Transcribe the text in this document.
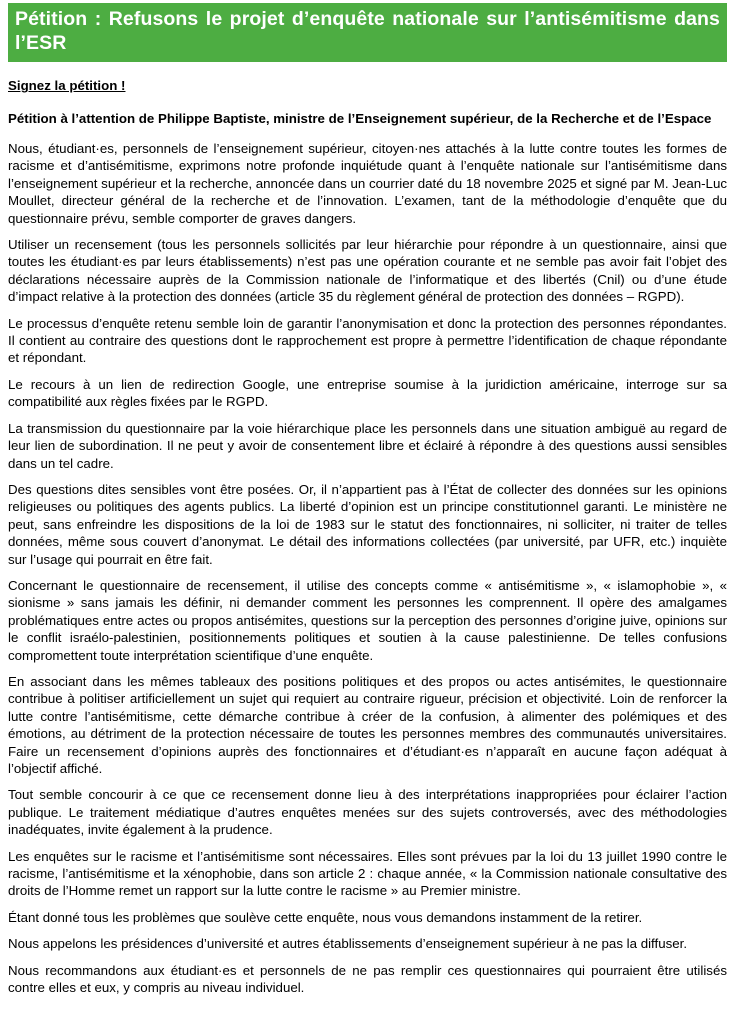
Pétition : Refusons le projet d’enquête nationale sur l’antisémitisme dans l’ESR
Signez la pétition !

Pétition à l’attention de Philippe Baptiste, ministre de l’Enseignement supérieur, de la Recherche et de l’Espace

Nous, étudiant·es, personnels de l’enseignement supérieur, citoyen·nes attachés à la lutte contre toutes les formes de racisme et d’antisémitisme, exprimons notre profonde inquiétude quant à l’enquête nationale sur l’antisémitisme dans l’enseignement supérieur et la recherche, annoncée dans un courrier daté du 18 novembre 2025 et signé par M. Jean-Luc Moullet, directeur général de la recherche et de l’innovation. L’examen, tant de la méthodologie d’enquête que du questionnaire prévu, semble comporter de graves dangers.

Utiliser un recensement (tous les personnels sollicités par leur hiérarchie pour répondre à un questionnaire, ainsi que toutes les étudiant·es par leurs établissements) n’est pas une opération courante et ne semble pas avoir fait l’objet des déclarations nécessaire auprès de la Commission nationale de l’informatique et des libertés (Cnil) ou d’une étude d’impact relative à la protection des données (article 35 du règlement général de protection des données – RGPD).

Le processus d’enquête retenu semble loin de garantir l’anonymisation et donc la protection des personnes répondantes. Il contient au contraire des questions dont le rapprochement est propre à permettre l’identification de chaque répondante et répondant.

Le recours à un lien de redirection Google, une entreprise soumise à la juridiction américaine, interroge sur sa compatibilité aux règles fixées par le RGPD.

La transmission du questionnaire par la voie hiérarchique place les personnels dans une situation ambiguë au regard de leur lien de subordination. Il ne peut y avoir de consentement libre et éclairé à répondre à des questions aussi sensibles dans un tel cadre.

Des questions dites sensibles vont être posées. Or, il n’appartient pas à l’État de collecter des données sur les opinions religieuses ou politiques des agents publics. La liberté d’opinion est un principe constitutionnel garanti. Le ministère ne peut, sans enfreindre les dispositions de la loi de 1983 sur le statut des fonctionnaires, ni solliciter, ni traiter de telles données, même sous couvert d’anonymat. Le détail des informations collectées (par université, par UFR, etc.) inquiète sur l’usage qui pourrait en être fait.

Concernant le questionnaire de recensement, il utilise des concepts comme « antisémitisme », « islamophobie », « sionisme » sans jamais les définir, ni demander comment les personnes les comprennent. Il opère des amalgames problématiques entre actes ou propos antisémites, questions sur la perception des personnes d’origine juive, opinions sur le conflit israélo-palestinien, positionnements politiques et soutien à la cause palestinienne. De telles confusions compromettent toute interprétation scientifique d’une enquête.

En associant dans les mêmes tableaux des positions politiques et des propos ou actes antisémites, le questionnaire contribue à politiser artificiellement un sujet qui requiert au contraire rigueur, précision et objectivité. Loin de renforcer la lutte contre l’antisémitisme, cette démarche contribue à créer de la confusion, à alimenter des polémiques et des émotions, au détriment de la protection nécessaire de toutes les personnes membres des communautés universitaires. Faire un recensement d’opinions auprès des fonctionnaires et d’étudiant·es n’apparaît en aucune façon adéquat à l’objectif affiché.

Tout semble concourir à ce que ce recensement donne lieu à des interprétations inappropriées pour éclairer l’action publique. Le traitement médiatique d’autres enquêtes menées sur des sujets controversés, avec des méthodologies inadéquates, invite également à la prudence.

Les enquêtes sur le racisme et l’antisémitisme sont nécessaires. Elles sont prévues par la loi du 13 juillet 1990 contre le racisme, l’antisémitisme et la xénophobie, dans son article 2 : chaque année, « la Commission nationale consultative des droits de l’Homme remet un rapport sur la lutte contre le racisme » au Premier ministre.

Étant donné tous les problèmes que soulève cette enquête, nous vous demandons instamment de la retirer.

Nous appelons les présidences d’université et autres établissements d’enseignement supérieur à ne pas la diffuser.

Nous recommandons aux étudiant·es et personnels de ne pas remplir ces questionnaires qui pourraient être utilisés contre elles et eux, y compris au niveau individuel.
